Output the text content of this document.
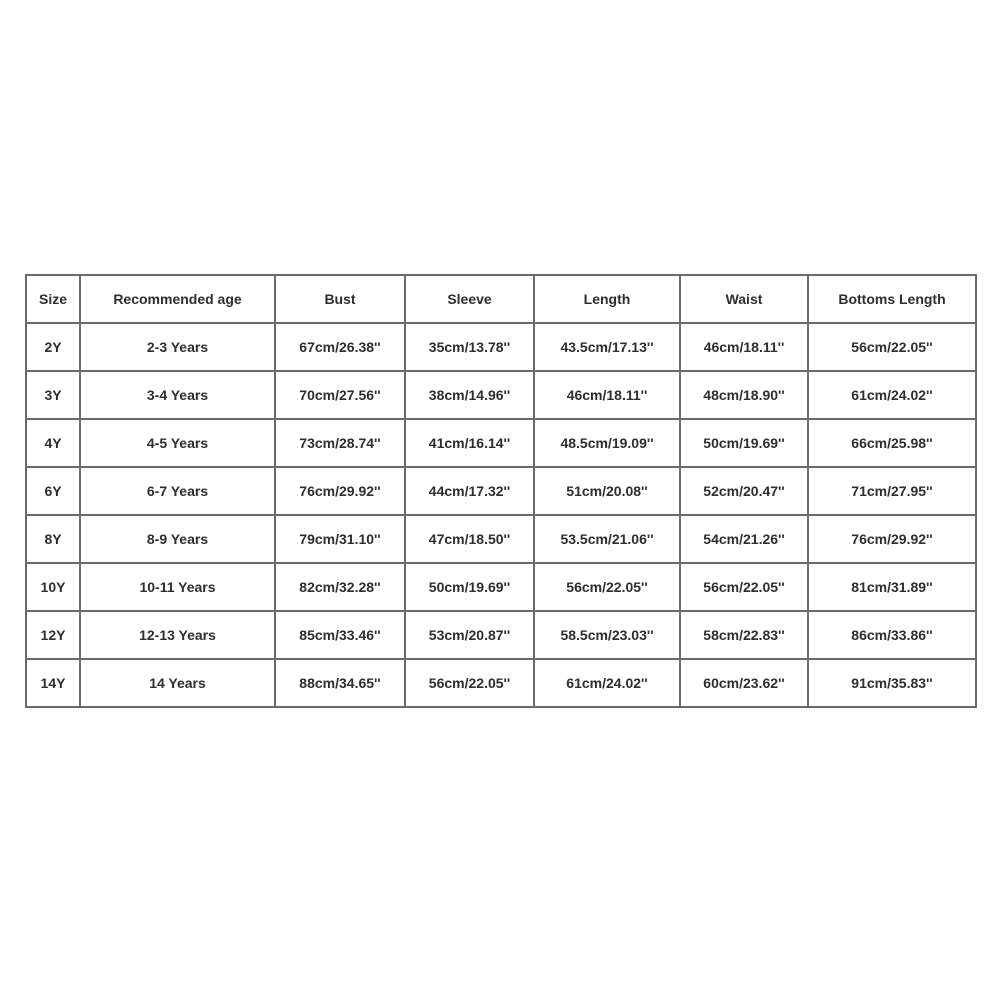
Size	Recommended age	Bust	Sleeve	Length	Waist	Bottoms Length
2Y	2-3 Years	67cm/26.38''	35cm/13.78''	43.5cm/17.13''	46cm/18.11''	56cm/22.05''
3Y	3-4 Years	70cm/27.56''	38cm/14.96''	46cm/18.11''	48cm/18.90''	61cm/24.02''
4Y	4-5 Years	73cm/28.74''	41cm/16.14''	48.5cm/19.09''	50cm/19.69''	66cm/25.98''
6Y	6-7 Years	76cm/29.92''	44cm/17.32''	51cm/20.08''	52cm/20.47''	71cm/27.95''
8Y	8-9 Years	79cm/31.10''	47cm/18.50''	53.5cm/21.06''	54cm/21.26''	76cm/29.92''
10Y	10-11 Years	82cm/32.28''	50cm/19.69''	56cm/22.05''	56cm/22.05''	81cm/31.89''
12Y	12-13 Years	85cm/33.46''	53cm/20.87''	58.5cm/23.03''	58cm/22.83''	86cm/33.86''
14Y	14 Years	88cm/34.65''	56cm/22.05''	61cm/24.02''	60cm/23.62''	91cm/35.83''
